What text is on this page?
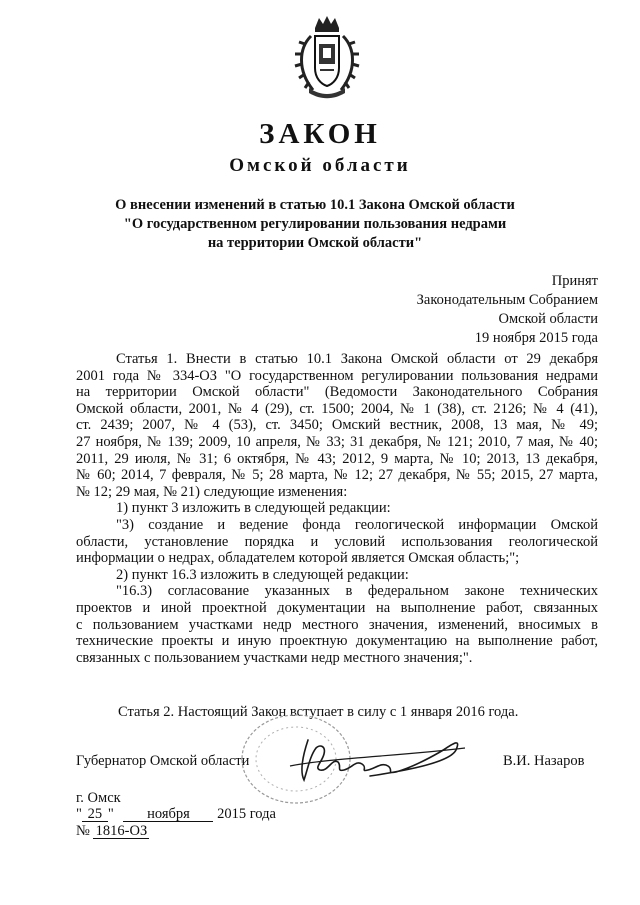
ЗАКОН
Омской области
О внесении изменений в статью 10.1 Закона Омской области
"О государственном регулировании пользования недрами
на территории Омской области"
Принят
Законодательным Собранием
Омской области
19 ноября 2015 года
Статья 1. Внести в статью 10.1 Закона Омской области от 29 декабря
2001 года № 334-ОЗ "О государственном регулировании пользования недрами
на территории Омской области" (Ведомости Законодательного Собрания
Омской области, 2001, № 4 (29), ст. 1500; 2004, № 1 (38), ст. 2126; № 4 (41),
ст. 2439; 2007, № 4 (53), ст. 3450; Омский вестник, 2008, 13 мая, № 49;
27 ноября, № 139; 2009, 10 апреля, № 33; 31 декабря, № 121; 2010, 7 мая, № 40;
2011, 29 июля, № 31; 6 октября, № 43; 2012, 9 марта, № 10; 2013, 13 декабря,
№ 60; 2014, 7 февраля, № 5; 28 марта, № 12; 27 декабря, № 55; 2015, 27 марта,
№ 12; 29 мая, № 21) следующие изменения:
1) пункт 3 изложить в следующей редакции:
"3) создание и ведение фонда геологической информации Омской
области, установление порядка и условий использования геологической
информации о недрах, обладателем которой является Омская область;";
2) пункт 16.3 изложить в следующей редакции:
"16.3) согласование указанных в федеральном законе технических
проектов и иной проектной документации на выполнение работ, связанных
с пользованием участками недр местного значения, изменений, вносимых в
технические проекты и иную проектную документацию на выполнение работ,
связанных с пользованием участками недр местного значения;".
Статья 2. Настоящий Закон вступает в силу с 1 января 2016 года.
Губернатор Омской области	В.И. Назаров
г. Омск
" 25 " ноября 2015 года
№ 1816-ОЗ
